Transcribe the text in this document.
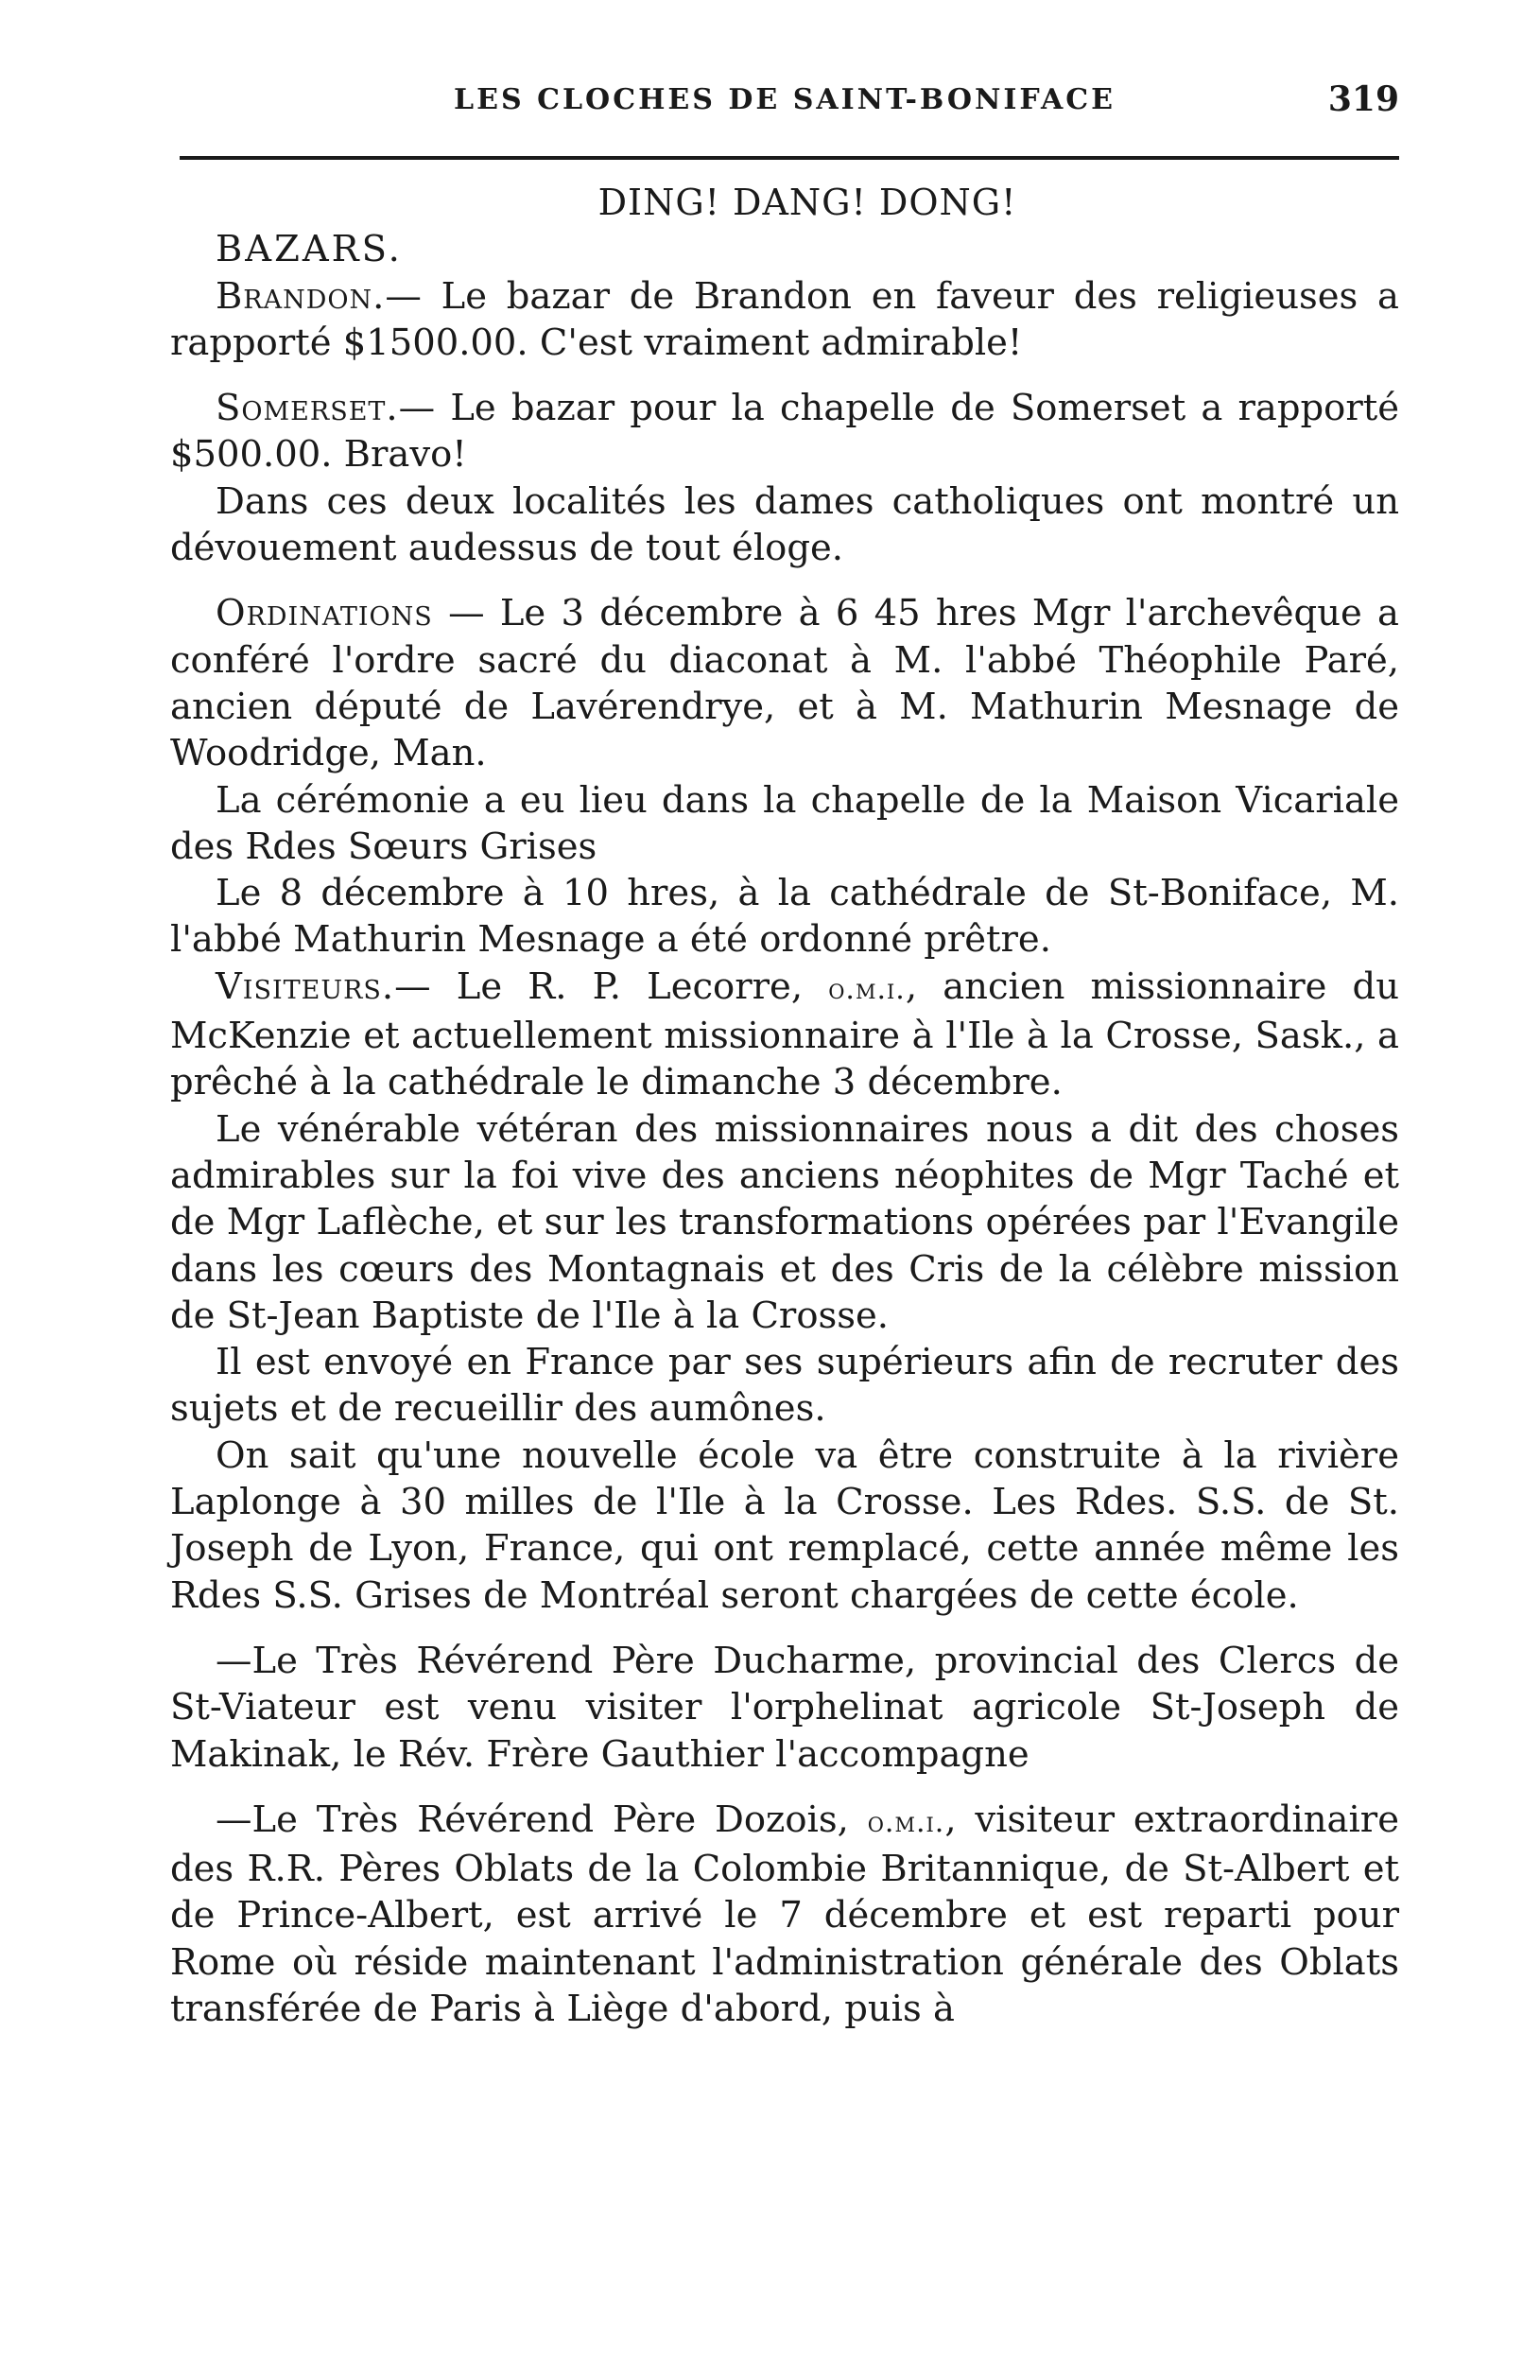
LES CLOCHES DE SAINT-BONIFACE	319

DING! DANG! DONG!

BAZARS.

Brandon.— Le bazar de Brandon en faveur des religieuses a rapporté $1500.00. C'est vraiment admirable!

Somerset.— Le bazar pour la chapelle de Somerset a rapporté $500.00. Bravo!

Dans ces deux localités les dames catholiques ont montré un dévouement audessus de tout éloge.

Ordinations — Le 3 décembre à 6 45 hres Mgr l'archevêque a conféré l'ordre sacré du diaconat à M. l'abbé Théophile Paré, ancien député de Lavérendrye, et à M. Mathurin Mesnage de Woodridge, Man.

La cérémonie a eu lieu dans la chapelle de la Maison Vicariale des Rdes Sœurs Grises

Le 8 décembre à 10 hres, à la cathédrale de St-Boniface, M. l'abbé Mathurin Mesnage a été ordonné prêtre.

Visiteurs.— Le R. P. Lecorre, o.m.i., ancien missionnaire du McKenzie et actuellement missionnaire à l'Ile à la Crosse, Sask., a prêché à la cathédrale le dimanche 3 décembre.

Le vénérable vétéran des missionnaires nous a dit des choses admirables sur la foi vive des anciens néophites de Mgr Taché et de Mgr Laflèche, et sur les transformations opérées par l'Evangile dans les cœurs des Montagnais et des Cris de la célèbre mission de St-Jean Baptiste de l'Ile à la Crosse.

Il est envoyé en France par ses supérieurs afin de recruter des sujets et de recueillir des aumônes.

On sait qu'une nouvelle école va être construite à la rivière Laplonge à 30 milles de l'Ile à la Crosse. Les Rdes. S.S. de St. Joseph de Lyon, France, qui ont remplacé, cette année même les Rdes S.S. Grises de Montréal seront chargées de cette école.

—Le Très Révérend Père Ducharme, provincial des Clercs de St-Viateur est venu visiter l'orphelinat agricole St-Joseph de Makinak, le Rév. Frère Gauthier l'accompagne

—Le Très Révérend Père Dozois, o.m.i., visiteur extraordinaire des R.R. Pères Oblats de la Colombie Britannique, de St-Albert et de Prince-Albert, est arrivé le 7 décembre et est reparti pour Rome où réside maintenant l'administration générale des Oblats transférée de Paris à Liège d'abord, puis à
